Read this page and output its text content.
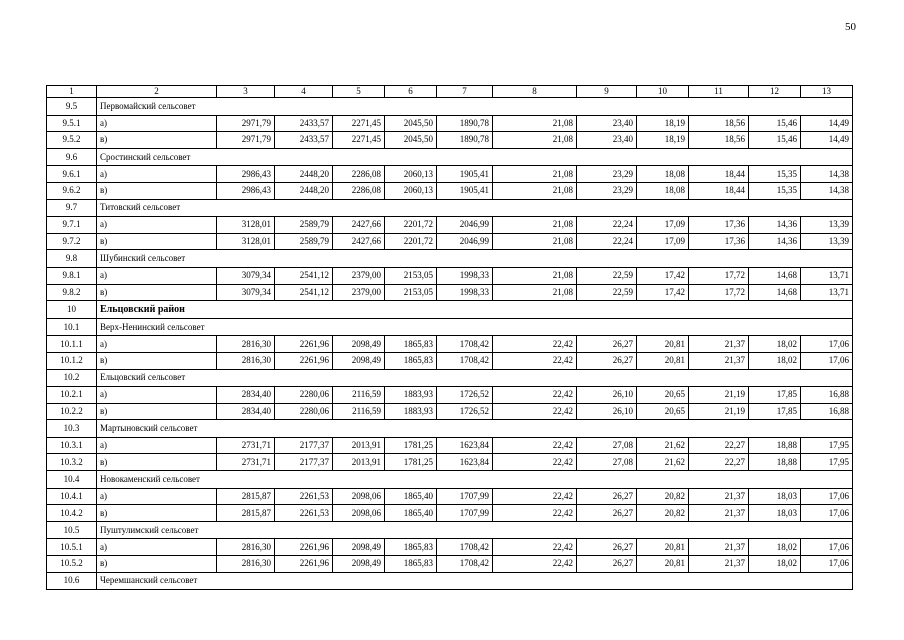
50
1	2	3	4	5	6	7	8	9	10	11	12	13
9.5	Первомайский сельсовет											
9.5.1	а)	2971,79	2433,57	2271,45	2045,50	1890,78	21,08	23,40	18,19	18,56	15,46	14,49
9.5.2	в)	2971,79	2433,57	2271,45	2045,50	1890,78	21,08	23,40	18,19	18,56	15,46	14,49
9.6	Сростинский сельсовет											
9.6.1	а)	2986,43	2448,20	2286,08	2060,13	1905,41	21,08	23,29	18,08	18,44	15,35	14,38
9.6.2	в)	2986,43	2448,20	2286,08	2060,13	1905,41	21,08	23,29	18,08	18,44	15,35	14,38
9.7	Титовский сельсовет											
9.7.1	а)	3128,01	2589,79	2427,66	2201,72	2046,99	21,08	22,24	17,09	17,36	14,36	13,39
9.7.2	в)	3128,01	2589,79	2427,66	2201,72	2046,99	21,08	22,24	17,09	17,36	14,36	13,39
9.8	Шубинский сельсовет											
9.8.1	а)	3079,34	2541,12	2379,00	2153,05	1998,33	21,08	22,59	17,42	17,72	14,68	13,71
9.8.2	в)	3079,34	2541,12	2379,00	2153,05	1998,33	21,08	22,59	17,42	17,72	14,68	13,71
10	Ельцовский район											
10.1	Верх-Ненинский сельсовет											
10.1.1	а)	2816,30	2261,96	2098,49	1865,83	1708,42	22,42	26,27	20,81	21,37	18,02	17,06
10.1.2	в)	2816,30	2261,96	2098,49	1865,83	1708,42	22,42	26,27	20,81	21,37	18,02	17,06
10.2	Ельцовский сельсовет											
10.2.1	а)	2834,40	2280,06	2116,59	1883,93	1726,52	22,42	26,10	20,65	21,19	17,85	16,88
10.2.2	в)	2834,40	2280,06	2116,59	1883,93	1726,52	22,42	26,10	20,65	21,19	17,85	16,88
10.3	Мартыновский сельсовет											
10.3.1	а)	2731,71	2177,37	2013,91	1781,25	1623,84	22,42	27,08	21,62	22,27	18,88	17,95
10.3.2	в)	2731,71	2177,37	2013,91	1781,25	1623,84	22,42	27,08	21,62	22,27	18,88	17,95
10.4	Новокаменский сельсовет											
10.4.1	а)	2815,87	2261,53	2098,06	1865,40	1707,99	22,42	26,27	20,82	21,37	18,03	17,06
10.4.2	в)	2815,87	2261,53	2098,06	1865,40	1707,99	22,42	26,27	20,82	21,37	18,03	17,06
10.5	Пуштулимский сельсовет											
10.5.1	а)	2816,30	2261,96	2098,49	1865,83	1708,42	22,42	26,27	20,81	21,37	18,02	17,06
10.5.2	в)	2816,30	2261,96	2098,49	1865,83	1708,42	22,42	26,27	20,81	21,37	18,02	17,06
10.6	Черемшанский сельсовет											
